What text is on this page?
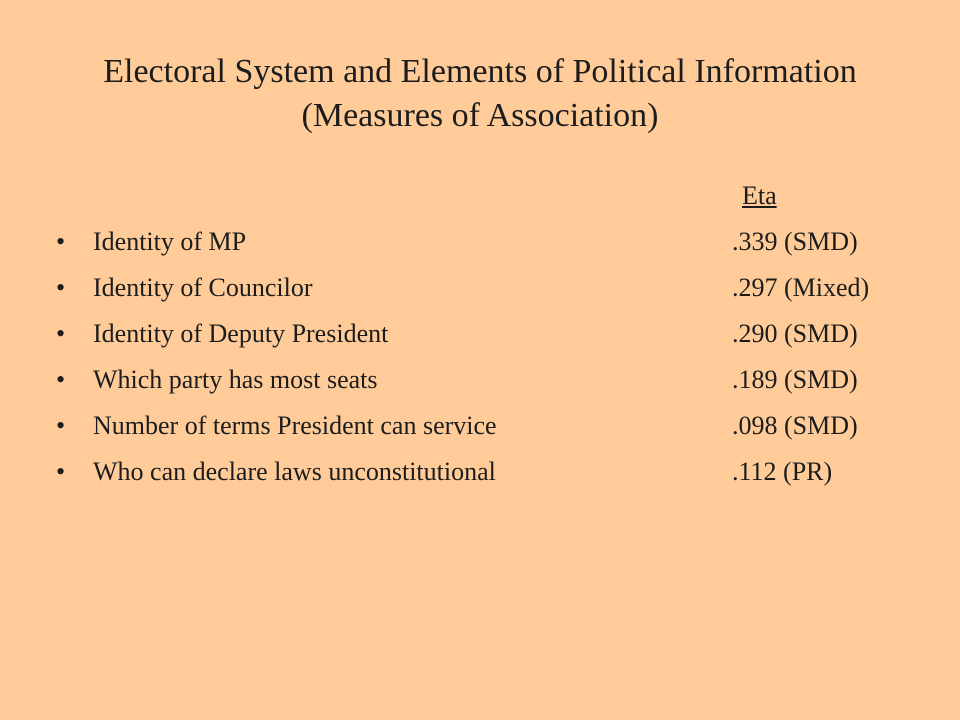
Electoral System and Elements of Political Information
(Measures of Association)
Eta
• Identity of MP	.339 (SMD)
• Identity of Councilor	.297 (Mixed)
• Identity of Deputy President	.290 (SMD)
• Which party has most seats	.189 (SMD)
• Number of terms President can service	.098 (SMD)
• Who can declare laws unconstitutional	.112 (PR)
